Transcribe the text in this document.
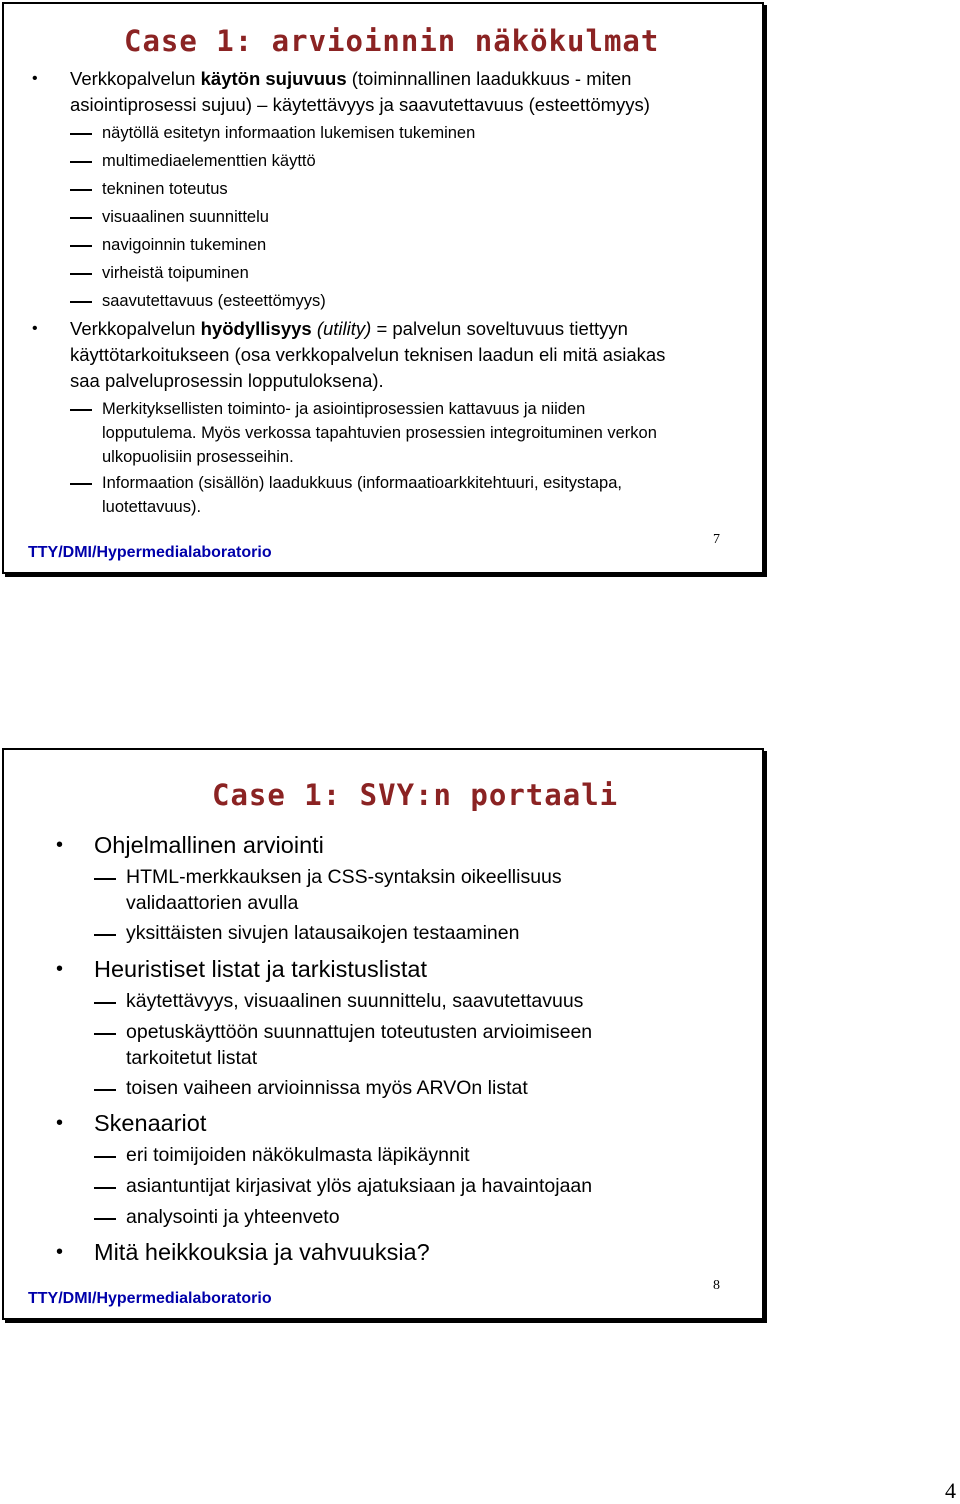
Case 1: arvioinnin näkökulmat
• Verkkopalvelun käytön sujuvuus (toiminnallinen laadukkuus - miten

asiointiprosessi sujuu) – käytettävyys ja saavutettavuus (esteettömyys)

näytöllä esitetyn informaation lukemisen tukeminen

multimediaelementtien käyttö

tekninen toteutus

visuaalinen suunnittelu

navigoinnin tukeminen

virheistä toipuminen

saavutettavuus (esteettömyys)

• Verkkopalvelun hyödyllisyys (utility) = palvelun soveltuvuus tiettyyn

käyttötarkoitukseen (osa verkkopalvelun teknisen laadun eli mitä asiakas

saa palveluprosessin lopputuloksena).

Merkityksellisten toiminto- ja asiointiprosessien kattavuus ja niiden

lopputulema. Myös verkossa tapahtuvien prosessien integroituminen verkon

ulkopuolisiin prosesseihin.

Informaation (sisällön) laadukkuus (informaatioarkkitehtuuri, esitystapa,

luotettavuus).

TTY/DMI/Hypermedialaboratorio
7
Case 1: SVY:n portaali
• Ohjelmallinen arviointi

HTML-merkkauksen ja CSS-syntaksin oikeellisuus

validaattorien avulla

yksittäisten sivujen latausaikojen testaaminen

• Heuristiset listat ja tarkistuslistat

käytettävyys, visuaalinen suunnittelu, saavutettavuus

opetuskäyttöön suunnattujen toteutusten arvioimiseen

tarkoitetut listat

toisen vaiheen arvioinnissa myös ARVOn listat

• Skenaariot

eri toimijoiden näkökulmasta läpikäynnit

asiantuntijat kirjasivat ylös ajatuksiaan ja havaintojaan

analysointi ja yhteenveto

• Mitä heikkouksia ja vahvuuksia?

TTY/DMI/Hypermedialaboratorio
8
4
